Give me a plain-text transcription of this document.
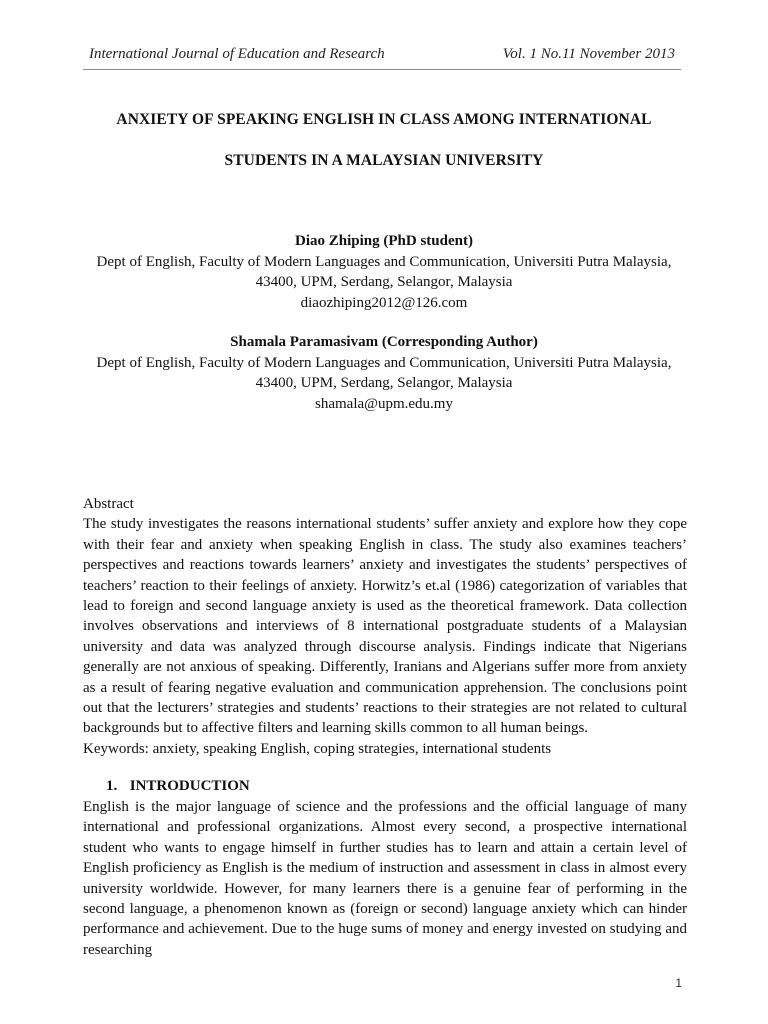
International Journal of Education and Research	Vol. 1 No.11 November 2013
ANXIETY OF SPEAKING ENGLISH IN CLASS AMONG INTERNATIONAL
STUDENTS IN A MALAYSIAN UNIVERSITY
Diao Zhiping (PhD student)
Dept of English, Faculty of Modern Languages and Communication, Universiti Putra Malaysia,
43400, UPM, Serdang, Selangor, Malaysia
diaozhiping2012@126.com
Shamala Paramasivam (Corresponding Author)
Dept of English, Faculty of Modern Languages and Communication, Universiti Putra Malaysia,
43400, UPM, Serdang, Selangor, Malaysia
shamala@upm.edu.my

Abstract

The study investigates the reasons international students’ suffer anxiety and explore how they cope with their fear and anxiety when speaking English in class. The study also examines teachers’ perspectives and reactions towards learners’ anxiety and investigates the students’ perspectives of teachers’ reaction to their feelings of anxiety. Horwitz’s et.al (1986) categorization of variables that lead to foreign and second language anxiety is used as the theoretical framework. Data collection involves observations and interviews of 8 international postgraduate students of a Malaysian university and data was analyzed through discourse analysis. Findings indicate that Nigerians generally are not anxious of speaking. Differently, Iranians and Algerians suffer more from anxiety as a result of fearing negative evaluation and communication apprehension. The conclusions point out that the lecturers’ strategies and students’ reactions to their strategies are not related to cultural backgrounds but to affective filters and learning skills common to all human beings.

Keywords: anxiety, speaking English, coping strategies, international students

1. INTRODUCTION

English is the major language of science and the professions and the official language of many international and professional organizations. Almost every second, a prospective international student who wants to engage himself in further studies has to learn and attain a certain level of English proficiency as English is the medium of instruction and assessment in class in almost every university worldwide. However, for many learners there is a genuine fear of performing in the second language, a phenomenon known as (foreign or second) language anxiety which can hinder performance and achievement. Due to the huge sums of money and energy invested on studying and researching

1
